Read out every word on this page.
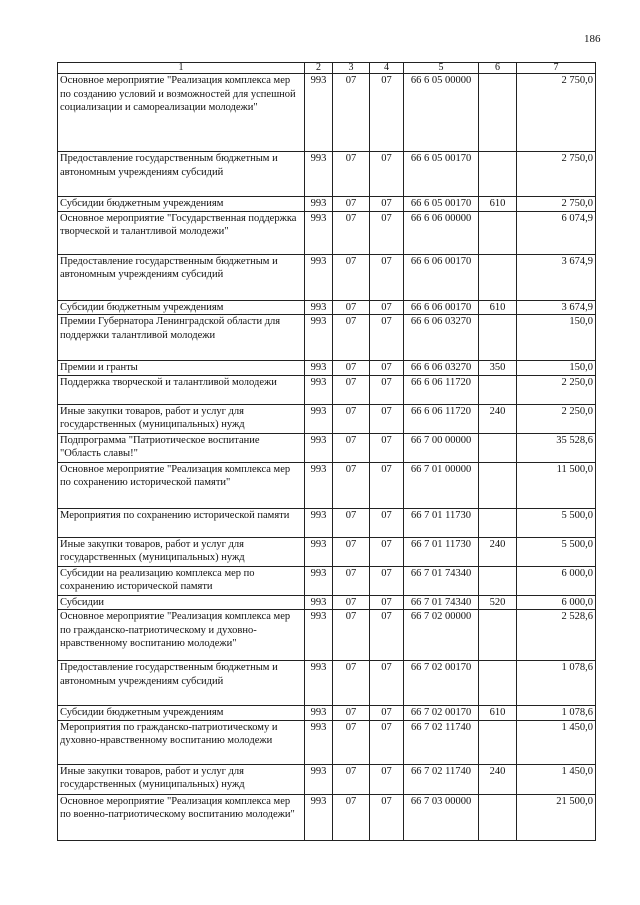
186
1	2	3	4	5	6	7
Основное мероприятие "Реализация комплекса мер по созданию условий и возможностей для успешной социализации и самореализации молодежи"	993	07	07	66 6 05 00000		2 750,0
Предоставление государственным бюджетным и автономным учреждениям субсидий	993	07	07	66 6 05 00170		2 750,0
Субсидии бюджетным учреждениям	993	07	07	66 6 05 00170	610	2 750,0
Основное мероприятие "Государственная поддержка творческой и талантливой молодежи"	993	07	07	66 6 06 00000		6 074,9
Предоставление государственным бюджетным и автономным учреждениям субсидий	993	07	07	66 6 06 00170		3 674,9
Субсидии бюджетным учреждениям	993	07	07	66 6 06 00170	610	3 674,9
Премии Губернатора Ленинградской области для поддержки талантливой молодежи	993	07	07	66 6 06 03270		150,0
Премии и гранты	993	07	07	66 6 06 03270	350	150,0
Поддержка творческой и талантливой молодежи	993	07	07	66 6 06 11720		2 250,0
Иные закупки товаров, работ и услуг для государственных (муниципальных) нужд	993	07	07	66 6 06 11720	240	2 250,0
Подпрограмма "Патриотическое воспитание "Область славы!"	993	07	07	66 7 00 00000		35 528,6
Основное мероприятие "Реализация комплекса мер по сохранению исторической памяти"	993	07	07	66 7 01 00000		11 500,0
Мероприятия по сохранению исторической памяти	993	07	07	66 7 01 11730		5 500,0
Иные закупки товаров, работ и услуг для государственных (муниципальных) нужд	993	07	07	66 7 01 11730	240	5 500,0
Субсидии на реализацию комплекса мер по сохранению исторической памяти	993	07	07	66 7 01 74340		6 000,0
Субсидии	993	07	07	66 7 01 74340	520	6 000,0
Основное мероприятие "Реализация комплекса мер по гражданско-патриотическому и духовно-нравственному воспитанию молодежи"	993	07	07	66 7 02 00000		2 528,6
Предоставление государственным бюджетным и автономным учреждениям субсидий	993	07	07	66 7 02 00170		1 078,6
Субсидии бюджетным учреждениям	993	07	07	66 7 02 00170	610	1 078,6
Мероприятия по гражданско-патриотическому и духовно-нравственному воспитанию молодежи	993	07	07	66 7 02 11740		1 450,0
Иные закупки товаров, работ и услуг для государственных (муниципальных) нужд	993	07	07	66 7 02 11740	240	1 450,0
Основное мероприятие "Реализация комплекса мер по военно-патриотическому воспитанию молодежи"	993	07	07	66 7 03 00000		21 500,0
